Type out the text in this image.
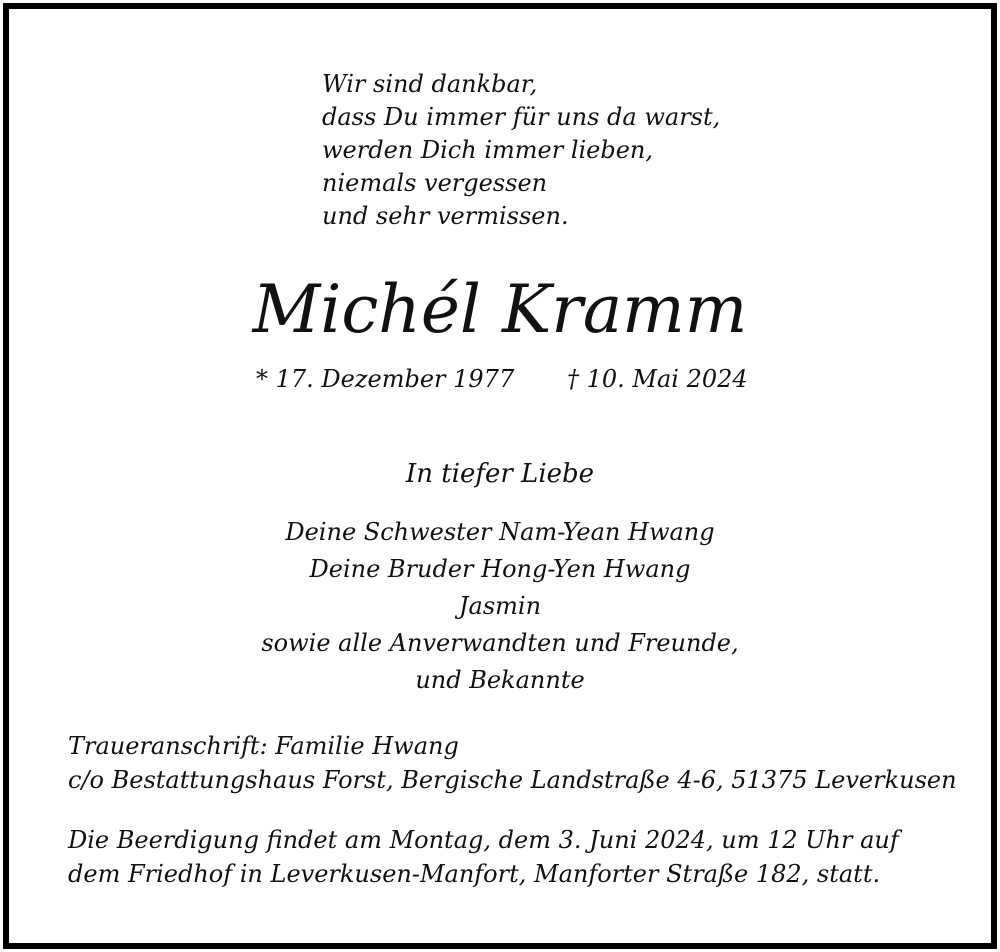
Wir sind dankbar,
dass Du immer für uns da warst,
werden Dich immer lieben,
niemals vergessen
und sehr vermissen.
Michél Kramm
* 17. Dezember 1977 † 10. Mai 2024
In tiefer Liebe
Deine Schwester Nam-Yean Hwang
Deine Bruder Hong-Yen Hwang
Jasmin
sowie alle Anverwandten und Freunde,
und Bekannte
Traueranschrift: Familie Hwang
c/o Bestattungshaus Forst, Bergische Landstraße 4-6, 51375 Leverkusen
Die Beerdigung findet am Montag, dem 3. Juni 2024, um 12 Uhr auf
dem Friedhof in Leverkusen-Manfort, Manforter Straße 182, statt.
